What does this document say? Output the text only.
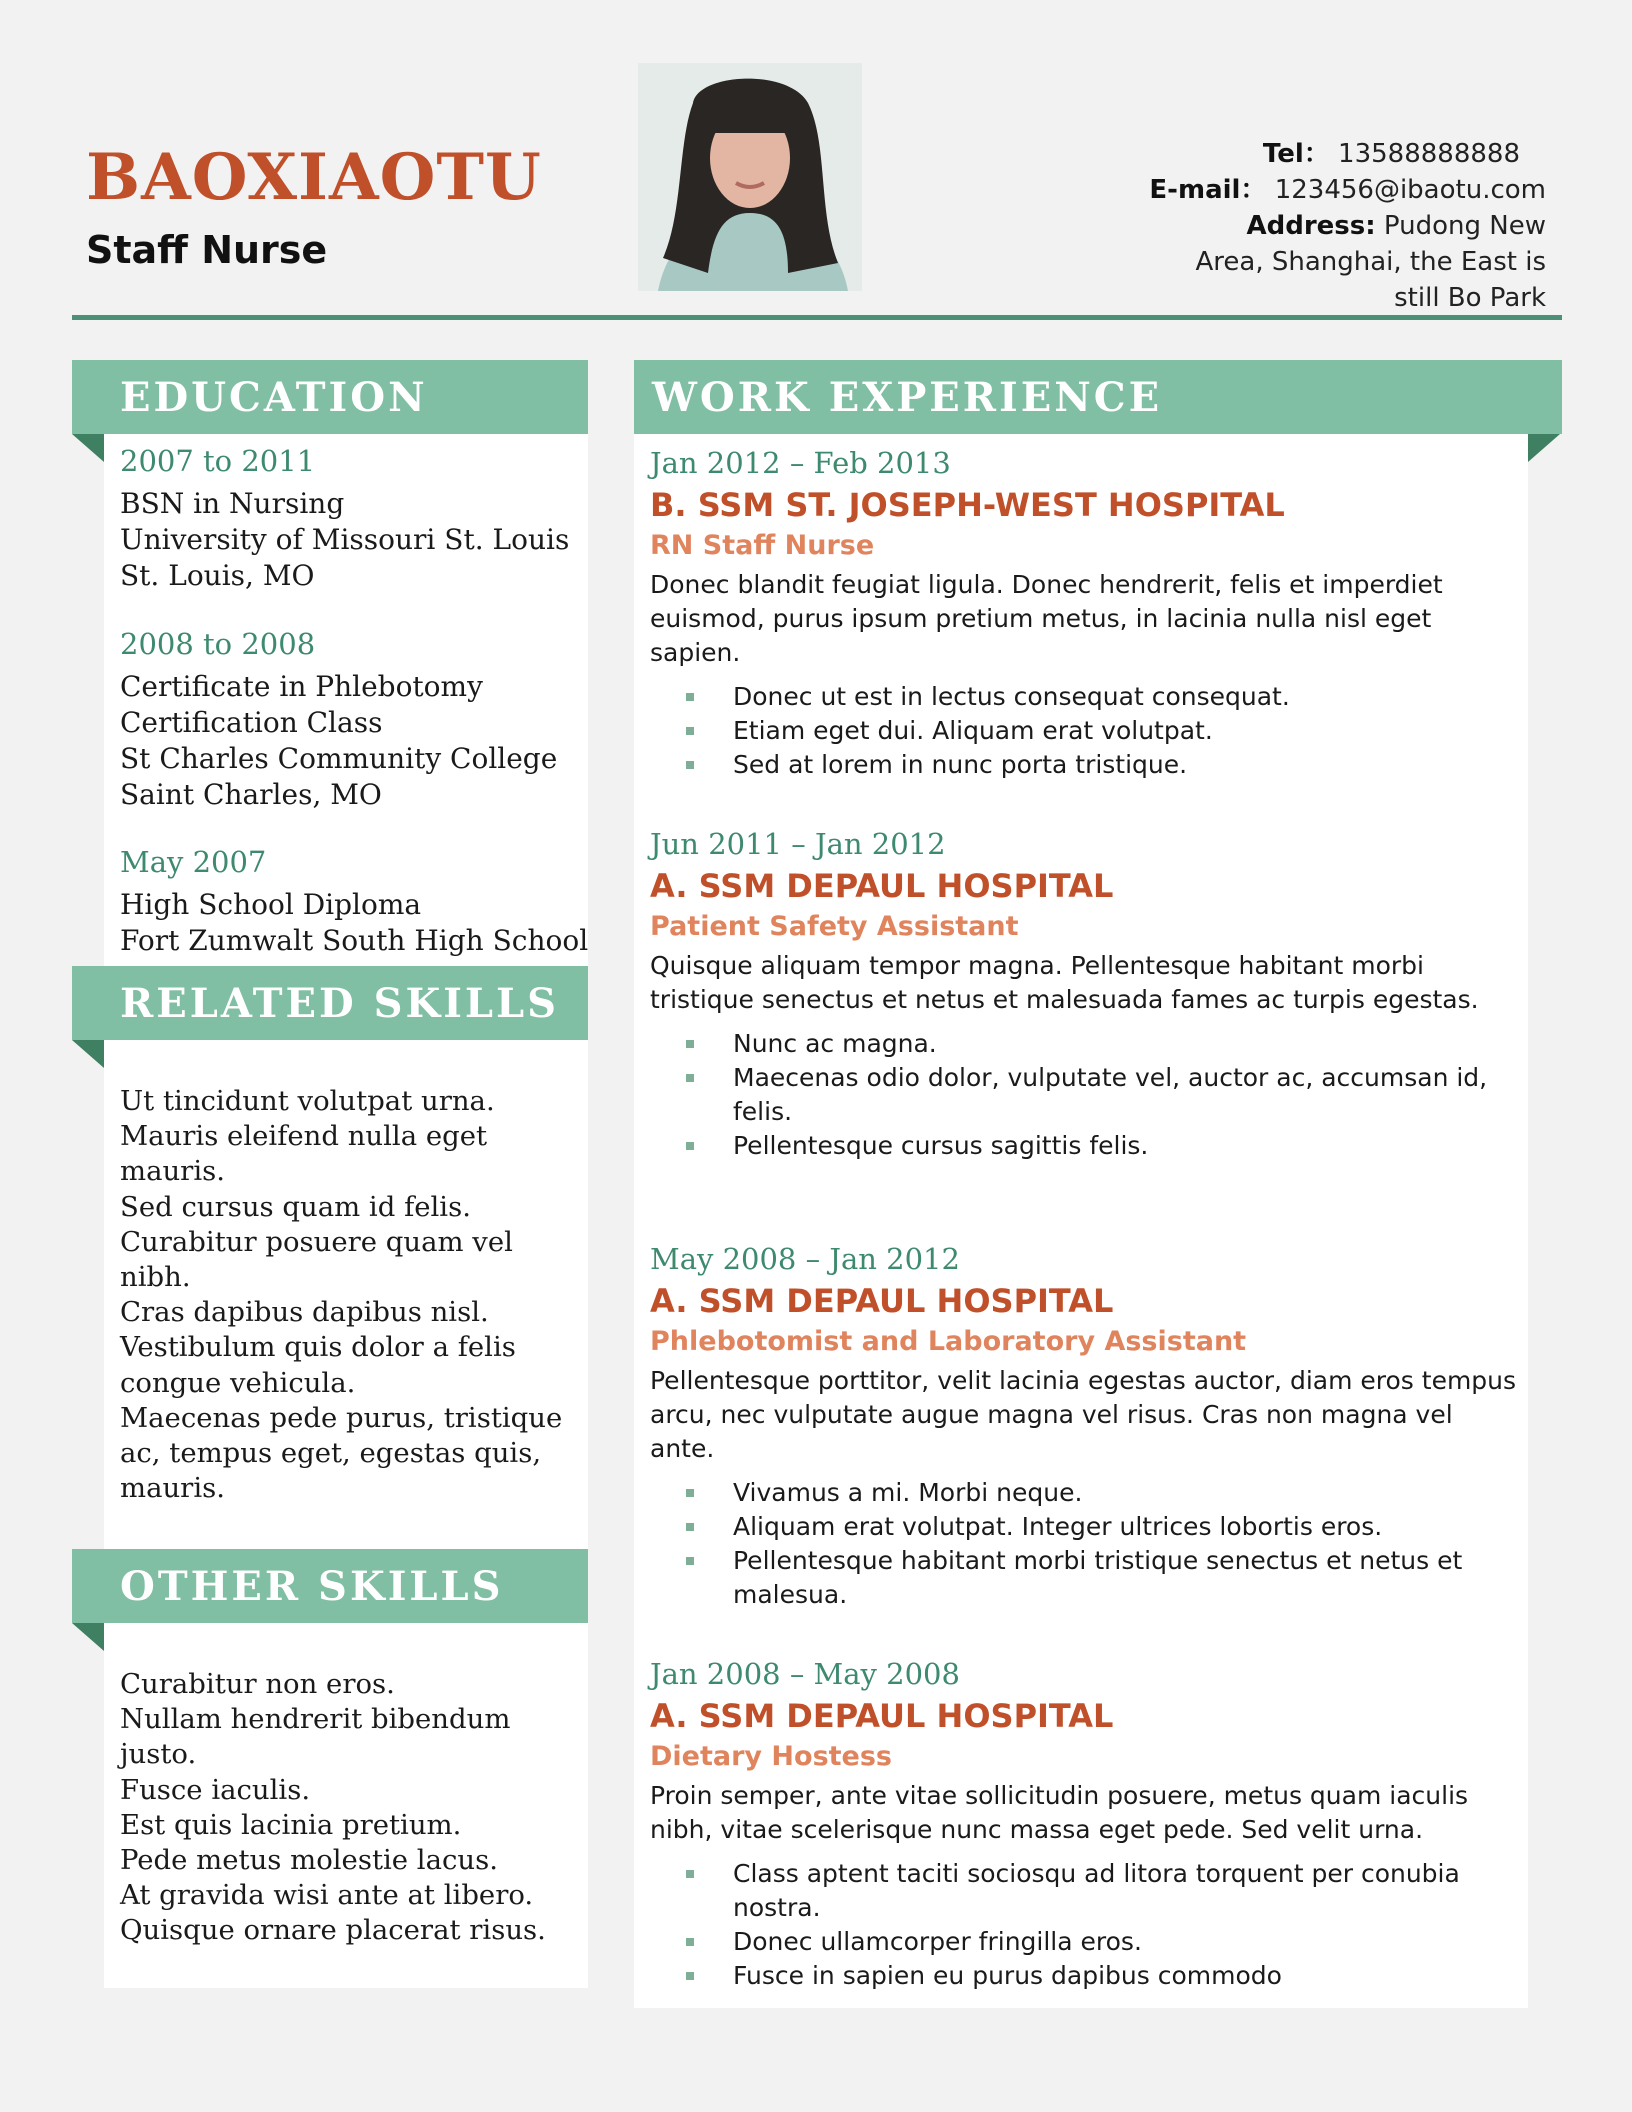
BAOXIAOTU
Staff Nurse
Tel： 13588888888
E-mail： 123456@ibaotu.com
Address: Pudong New Area, Shanghai, the East is still Bo Park
EDUCATION
2007 to 2011
BSN in Nursing
University of Missouri St. Louis
St. Louis, MO
2008 to 2008
Certificate in Phlebotomy
Certification Class
St Charles Community College
Saint Charles, MO
May 2007
High School Diploma
Fort Zumwalt South High School
RELATED SKILLS
Ut tincidunt volutpat urna.
Mauris eleifend nulla eget mauris.
Sed cursus quam id felis.
Curabitur posuere quam vel nibh.
Cras dapibus dapibus nisl.
Vestibulum quis dolor a felis congue vehicula.
Maecenas pede purus, tristique ac, tempus eget, egestas quis, mauris.
OTHER SKILLS
Curabitur non eros.
Nullam hendrerit bibendum justo.
Fusce iaculis.
Est quis lacinia pretium.
Pede metus molestie lacus.
At gravida wisi ante at libero.
Quisque ornare placerat risus.
WORK EXPERIENCE
Jan 2012 – Feb 2013
B. SSM ST. JOSEPH-WEST HOSPITAL
RN Staff Nurse
Donec blandit feugiat ligula. Donec hendrerit, felis et imperdiet euismod, purus ipsum pretium metus, in lacinia nulla nisl eget sapien.
Donec ut est in lectus consequat consequat.
Etiam eget dui. Aliquam erat volutpat.
Sed at lorem in nunc porta tristique.
Jun 2011 – Jan 2012
A. SSM DEPAUL HOSPITAL
Patient Safety Assistant
Quisque aliquam tempor magna. Pellentesque habitant morbi tristique senectus et netus et malesuada fames ac turpis egestas.
Nunc ac magna.
Maecenas odio dolor, vulputate vel, auctor ac, accumsan id, felis.
Pellentesque cursus sagittis felis.
May 2008 – Jan 2012
A. SSM DEPAUL HOSPITAL
Phlebotomist and Laboratory Assistant
Pellentesque porttitor, velit lacinia egestas auctor, diam eros tempus arcu, nec vulputate augue magna vel risus. Cras non magna vel ante.
Vivamus a mi. Morbi neque.
Aliquam erat volutpat. Integer ultrices lobortis eros.
Pellentesque habitant morbi tristique senectus et netus et malesua.
Jan 2008 – May 2008
A. SSM DEPAUL HOSPITAL
Dietary Hostess
Proin semper, ante vitae sollicitudin posuere, metus quam iaculis nibh, vitae scelerisque nunc massa eget pede. Sed velit urna.
Class aptent taciti sociosqu ad litora torquent per conubia nostra.
Donec ullamcorper fringilla eros.
Fusce in sapien eu purus dapibus commodo
